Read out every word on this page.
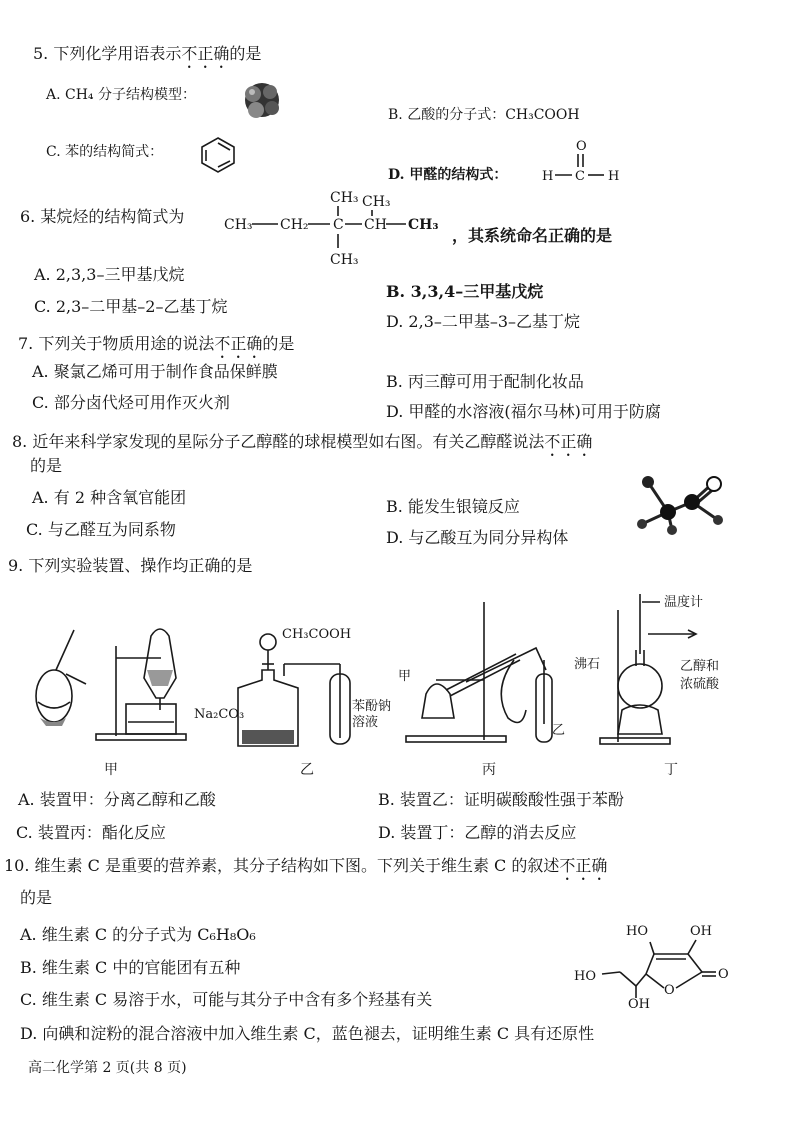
5. 下列化学用语表示不正确的是
A. CH₄ 分子结构模型：
B. 乙酸的分子式：CH₃COOH
C. 苯的结构简式：
D. 甲醛的结构式：
O
H C H
6. 某烷烃的结构简式为
CH₃ CH₃
CH₃ CH₂ C CH CH₃
CH₃
，其系统命名正确的是
A. 2,3,3–三甲基戊烷
B. 3,3,4–三甲基戊烷
C. 2,3–二甲基–2–乙基丁烷
D. 2,3–二甲基–3–乙基丁烷
7. 下列关于物质用途的说法不正确的是
A. 聚氯乙烯可用于制作食品保鲜膜
B. 丙三醇可用于配制化妆品
C. 部分卤代烃可用作灭火剂	D. 甲醛的水溶液(福尔马林)可用于防腐
8. 近年来科学家发现的星际分子乙醇醛的球棍模型如右图。有关乙醇醛说法不正确
的是
A. 有 2 种含氧官能团	B. 能发生银镜反应
C. 与乙醛互为同系物	D. 与乙酸互为同分异构体
9. 下列实验装置、操作均正确的是
甲
CH₃COOH
Na₂CO₃
苯酚钠
溶液
乙
甲
乙
丙
温度计
沸石	乙醇和
浓硫酸
丁
A. 装置甲：分离乙醇和乙酸	B. 装置乙：证明碳酸酸性强于苯酚
C. 装置丙：酯化反应	D. 装置丁：乙醇的消去反应
10. 维生素 C 是重要的营养素，其分子结构如下图。下列关于维生素 C 的叙述不正确
的是
A. 维生素 C 的分子式为 C₆H₈O₆
B. 维生素 C 中的官能团有五种
C. 维生素 C 易溶于水，可能与其分子中含有多个羟基有关
D. 向碘和淀粉的混合溶液中加入维生素 C，蓝色褪去，证明维生素 C 具有还原性
HO	OH
O
O
OH
HO
高二化学第 2 页(共 8 页)
